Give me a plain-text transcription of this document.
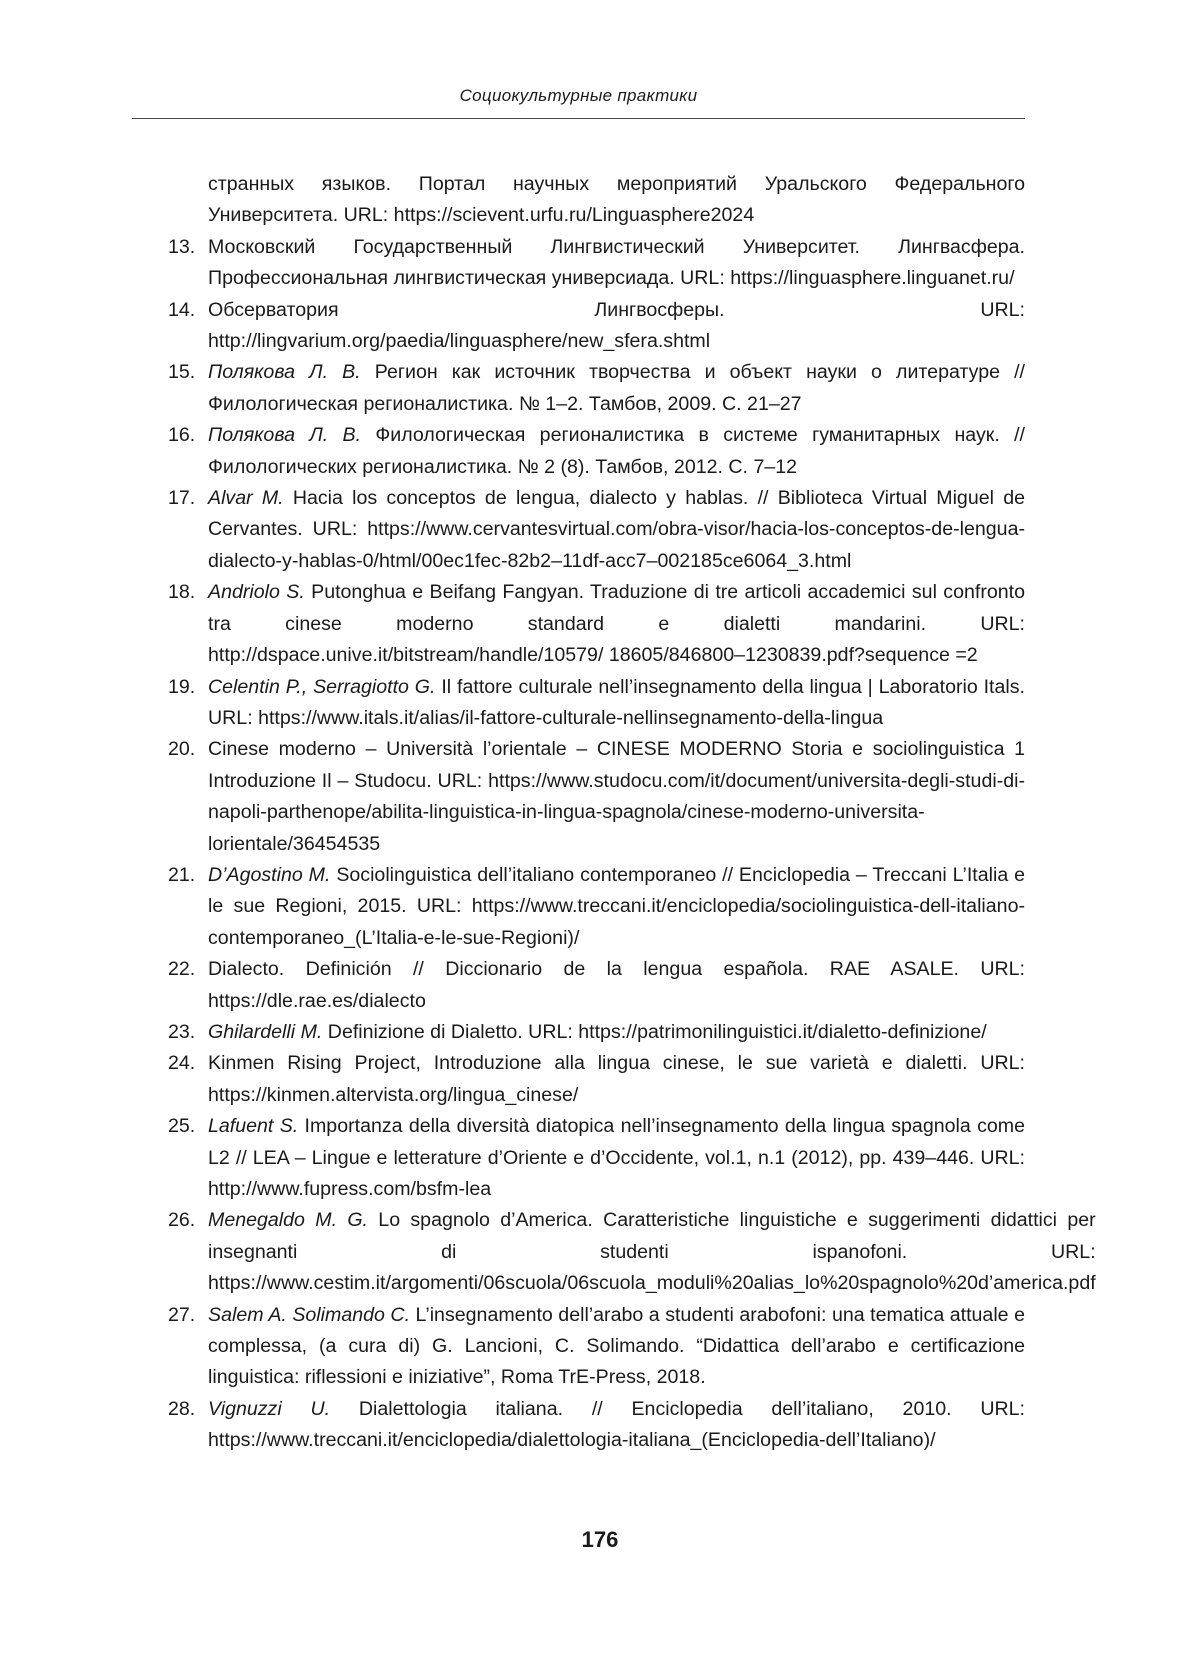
Социокультурные практики
странных языков. Портал научных мероприятий Уральского Федерального Университета. URL: https://scievent.urfu.ru/Linguasphere2024
13. Московский Государственный Лингвистический Университет. Лингвасфера. Профессиональная лингвистическая универсиада. URL: https://linguasphere.linguanet.ru/
14. Обсерватория Лингвосферы. URL: http://lingvarium.org/paedia/linguasphere/new_sfera.shtml
15. Полякова Л. В. Регион как источник творчества и объект науки о литературе // Филологическая регионалистика. № 1–2. Тамбов, 2009. С. 21–27
16. Полякова Л. В. Филологическая регионалистика в системе гуманитарных наук. // Филологических регионалистика. № 2 (8). Тамбов, 2012. С. 7–12
17. Alvar M. Hacia los conceptos de lengua, dialecto y hablas. // Biblioteca Virtual Miguel de Cervantes. URL: https://www.cervantesvirtual.com/obra-visor/hacia-los-conceptos-de-lengua-dialecto-y-hablas-0/html/00ec1fec-82b2–11df-acc7–002185ce6064_3.html
18. Andriolo S. Putonghua e Beifang Fangyan. Traduzione di tre articoli accademici sul confronto tra cinese moderno standard e dialetti mandarini. URL: http://dspace.unive.it/bitstream/handle/10579/ 18605/846800–1230839.pdf?sequence =2
19. Celentin P., Serragiotto G. Il fattore culturale nell’insegnamento della lingua | Laboratorio Itals. URL: https://www.itals.it/alias/il-fattore-culturale-nellinsegnamento-della-lingua
20. Cinese moderno – Università l’orientale – CINESE MODERNO Storia e sociolinguistica 1 Introduzione Il – Studocu. URL: https://www.studocu.com/it/document/universita-degli-studi-di-napoli-parthenope/abilita-linguistica-in-lingua-spagnola/cinese-moderno-universita-lorientale/36454535
21. D’Agostino M. Sociolinguistica dell’italiano contemporaneo // Enciclopedia – Treccani L’Italia e le sue Regioni, 2015. URL: https://www.treccani.it/enciclopedia/sociolinguistica-dell-italiano-contemporaneo_(L’Italia-e-le-sue-Regioni)/
22. Dialecto. Definición // Diccionario de la lengua española. RAE ASALE. URL: https://dle.rae.es/dialecto
23. Ghilardelli M. Definizione di Dialetto. URL: https://patrimonilinguistici.it/dialetto-definizione/
24. Kinmen Rising Project, Introduzione alla lingua cinese, le sue varietà e dialetti. URL: https://kinmen.altervista.org/lingua_cinese/
25. Lafuent S. Importanza della diversità diatopica nell’insegnamento della lingua spagnola come L2 // LEA – Lingue e letterature d’Oriente e d’Occidente, vol.1, n.1 (2012), pp. 439–446. URL: http://www.fupress.com/bsfm-lea
26. Menegaldo M. G. Lo spagnolo d’America. Caratteristiche linguistiche e suggerimenti didattici per insegnanti di studenti ispanofoni. URL: https://www.cestim.it/argomenti/06scuola/06scuola_moduli%20alias_lo%20spagnolo%20d’america.pdf
27. Salem A. Solimando C. L’insegnamento dell’arabo a studenti arabofoni: una tematica attuale e complessa, (a cura di) G. Lancioni, C. Solimando. “Didattica dell’arabo e certificazione linguistica: riflessioni e iniziative”, Roma TrE-Press, 2018.
28. Vignuzzi U. Dialettologia italiana. // Enciclopedia dell’italiano, 2010. URL: https://www.treccani.it/enciclopedia/dialettologia-italiana_(Enciclopedia-dell’Italiano)/
176
